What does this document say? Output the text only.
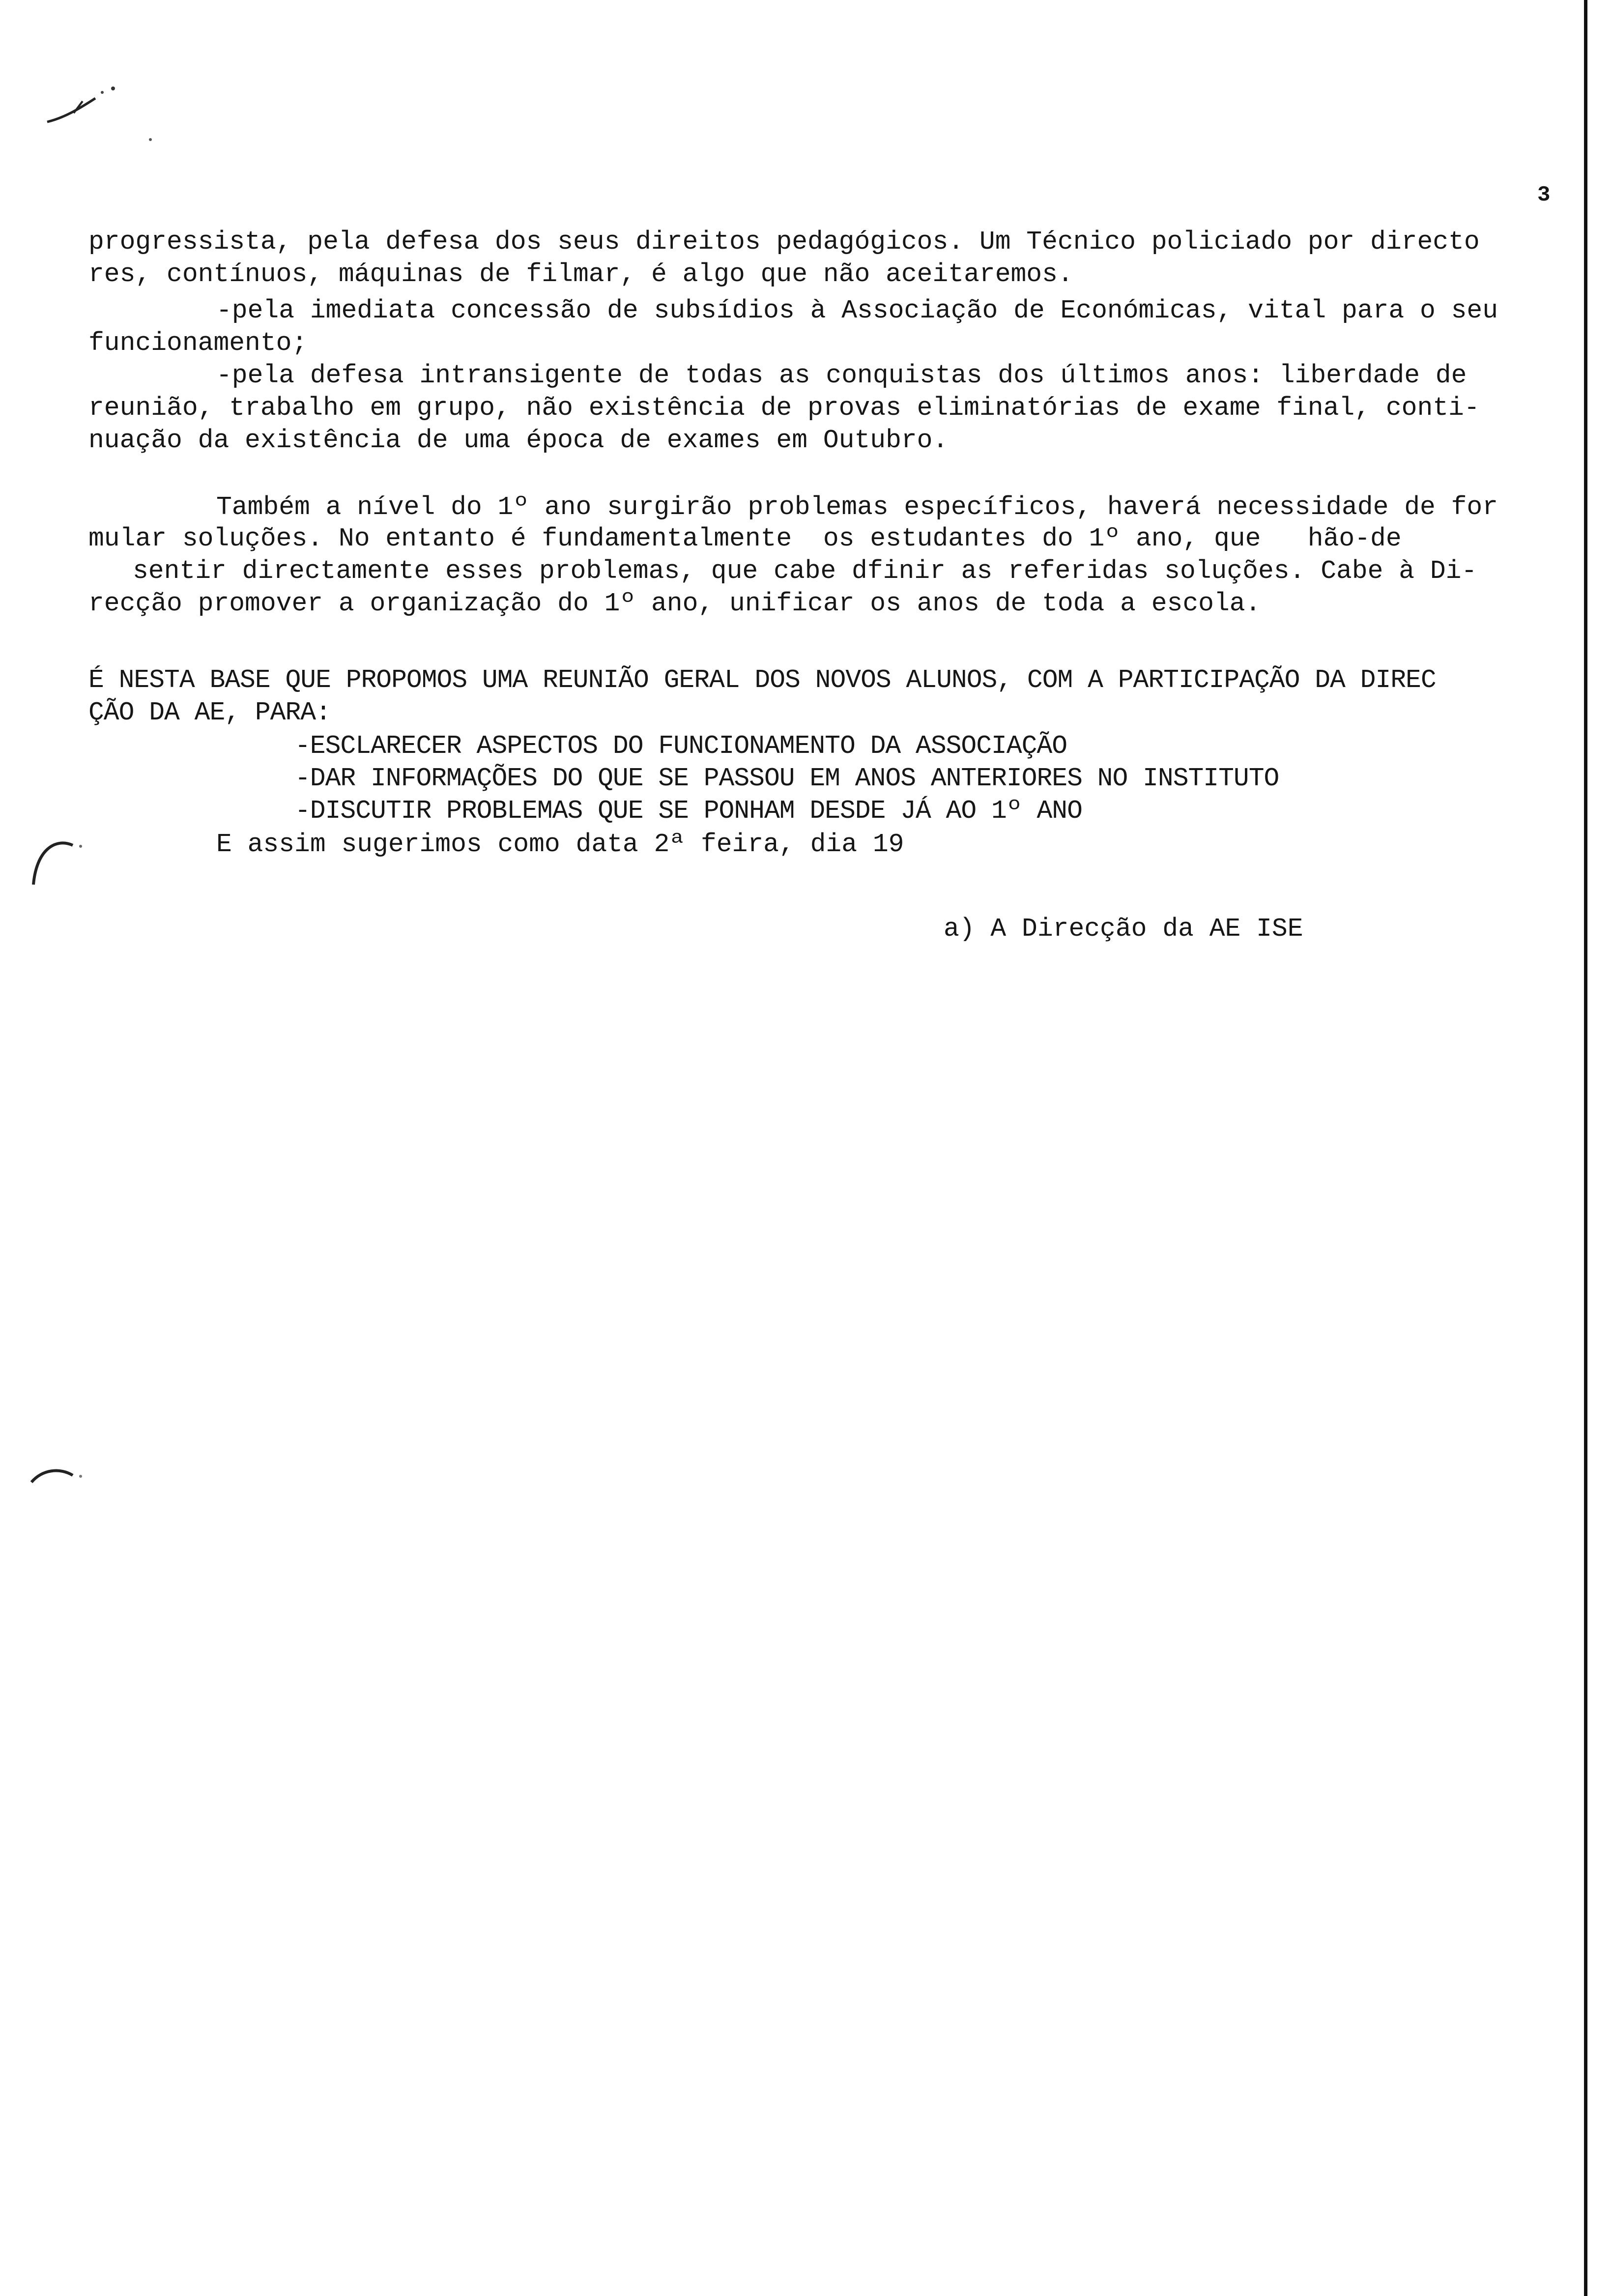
3
progressista, pela defesa dos seus direitos pedagógicos. Um Técnico policiado por directo
res, contínuos, máquinas de filmar, é algo que não aceitaremos.
-pela imediata concessão de subsídios à Associação de Económicas, vital para o seu
funcionamento;
-pela defesa intransigente de todas as conquistas dos últimos anos: liberdade de
reunião, trabalho em grupo, não existência de provas eliminatórias de exame final, conti-
nuação da existência de uma época de exames em Outubro.
Também a nível do 1º ano surgirão problemas específicos, haverá necessidade de for
mular soluções. No entanto é fundamentalmente  os estudantes do 1º ano, que   hão-de
sentir directamente esses problemas, que cabe dfinir as referidas soluções. Cabe à Di-
recção promover a organização do 1º ano, unificar os anos de toda a escola.
É NESTA BASE QUE PROPOMOS UMA REUNIÃO GERAL DOS NOVOS ALUNOS, COM A PARTICIPAÇÃO DA DIREC
ÇÃO DA AE, PARA:
-ESCLARECER ASPECTOS DO FUNCIONAMENTO DA ASSOCIAÇÃO
-DAR INFORMAÇÕES DO QUE SE PASSOU EM ANOS ANTERIORES NO INSTITUTO
-DISCUTIR PROBLEMAS QUE SE PONHAM DESDE JÁ AO 1º ANO
E assim sugerimos como data 2ª feira, dia 19
a) A Direcção da AE ISE
